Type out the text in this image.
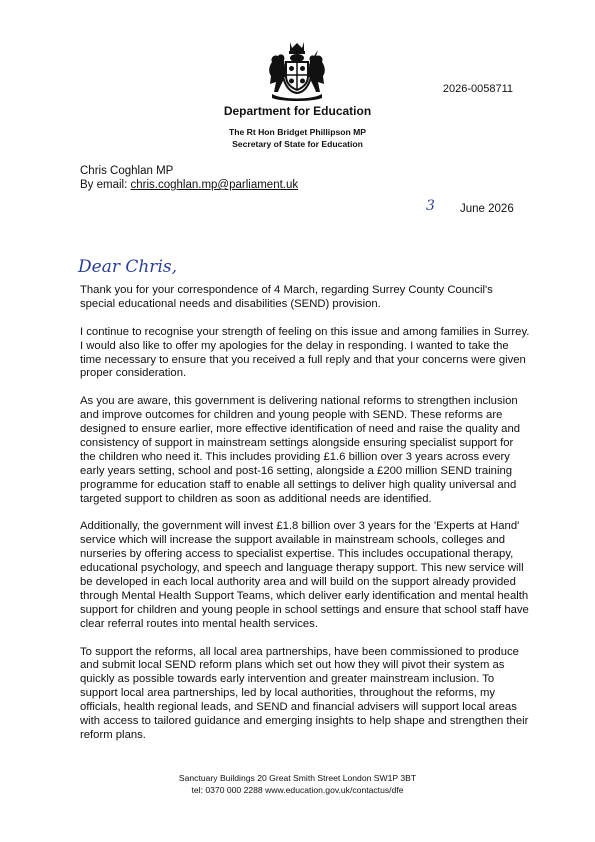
2026-0058711
Department for Education
The Rt Hon Bridget Phillipson MP
Secretary of State for Education
Chris Coghlan MP
By email: chris.coghlan.mp@parliament.uk
3 June 2026
Dear Chris,

Thank you for your correspondence of 4 March, regarding Surrey County Council's special educational needs and disabilities (SEND) provision.

I continue to recognise your strength of feeling on this issue and among families in Surrey. I would also like to offer my apologies for the delay in responding. I wanted to take the time necessary to ensure that you received a full reply and that your concerns were given proper consideration.

As you are aware, this government is delivering national reforms to strengthen inclusion and improve outcomes for children and young people with SEND. These reforms are designed to ensure earlier, more effective identification of need and raise the quality and consistency of support in mainstream settings alongside ensuring specialist support for the children who need it. This includes providing £1.6 billion over 3 years across every early years setting, school and post-16 setting, alongside a £200 million SEND training programme for education staff to enable all settings to deliver high quality universal and targeted support to children as soon as additional needs are identified.

Additionally, the government will invest £1.8 billion over 3 years for the 'Experts at Hand' service which will increase the support available in mainstream schools, colleges and nurseries by offering access to specialist expertise. This includes occupational therapy, educational psychology, and speech and language therapy support. This new service will be developed in each local authority area and will build on the support already provided through Mental Health Support Teams, which deliver early identification and mental health support for children and young people in school settings and ensure that school staff have clear referral routes into mental health services.

To support the reforms, all local area partnerships, have been commissioned to produce and submit local SEND reform plans which set out how they will pivot their system as quickly as possible towards early intervention and greater mainstream inclusion. To support local area partnerships, led by local authorities, throughout the reforms, my officials, health regional leads, and SEND and financial advisers will support local areas with access to tailored guidance and emerging insights to help shape and strengthen their reform plans.

Sanctuary Buildings 20 Great Smith Street London SW1P 3BT
tel: 0370 000 2288 www.education.gov.uk/contactus/dfe
